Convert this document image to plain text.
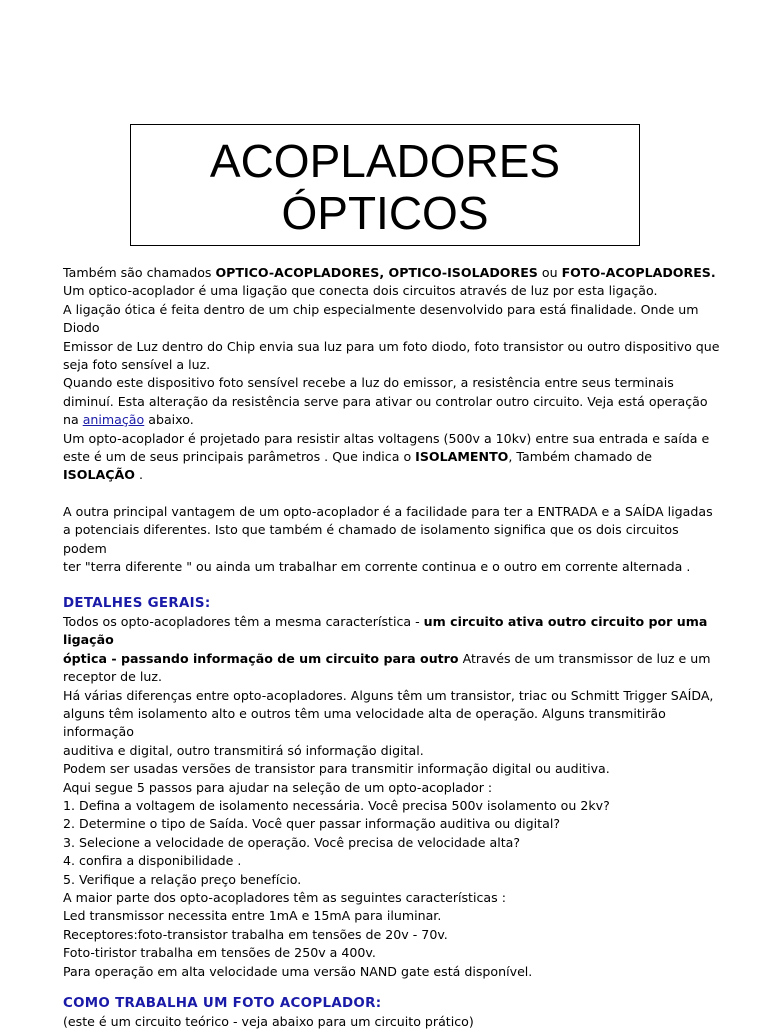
ACOPLADORES
ÓPTICOS

Também são chamados OPTICO-ACOPLADORES, OPTICO-ISOLADORES ou FOTO-ACOPLADORES.

Um optico-acoplador é uma ligação que conecta dois circuitos através de luz por esta ligação.

A ligação ótica é feita dentro de um chip especialmente desenvolvido para está finalidade. Onde um Diodo

Emissor de Luz dentro do Chip envia sua luz para um foto diodo, foto transistor ou outro dispositivo que

seja foto sensível a luz.

Quando este dispositivo foto sensível recebe a luz do emissor, a resistência entre seus terminais

diminuí. Esta alteração da resistência serve para ativar ou controlar outro circuito. Veja está operação

na animação abaixo.

Um opto-acoplador é projetado para resistir altas voltagens (500v a 10kv) entre sua entrada e saída e

este é um de seus principais parâmetros . Que indica o ISOLAMENTO, Também chamado de ISOLAÇÃO .

A outra principal vantagem de um opto-acoplador é a facilidade para ter a ENTRADA e a SAÍDA ligadas

a potenciais diferentes. Isto que também é chamado de isolamento significa que os dois circuitos podem

ter "terra diferente " ou ainda um trabalhar em corrente continua e o outro em corrente alternada .

DETALHES GERAIS:

Todos os opto-acopladores têm a mesma característica - um circuito ativa outro circuito por uma ligação

óptica - passando informação de um circuito para outro Através de um transmissor de luz e um

receptor de luz.

Há várias diferenças entre opto-acopladores. Alguns têm um transistor, triac ou Schmitt Trigger SAÍDA,

alguns têm isolamento alto e outros têm uma velocidade alta de operação. Alguns transmitirão informação

auditiva e digital, outro transmitirá só informação digital.

Podem ser usadas versões de transistor para transmitir informação digital ou auditiva.

Aqui segue 5 passos para ajudar na seleção de um opto-acoplador :

1. Defina a voltagem de isolamento necessária. Você precisa 500v isolamento ou 2kv?

2. Determine o tipo de Saída. Você quer passar informação auditiva ou digital?

3. Selecione a velocidade de operação. Você precisa de velocidade alta?

4. confira a disponibilidade .

5. Verifique a relação preço benefício.

A maior parte dos opto-acopladores têm as seguintes características :

Led transmissor necessita entre 1mA e 15mA para iluminar.

Receptores:foto-transistor trabalha em tensões de 20v - 70v.

Foto-tiristor trabalha em tensões de 250v a 400v.

Para operação em alta velocidade uma versão NAND gate está disponível.

COMO TRABALHA UM FOTO ACOPLADOR:

(este é um circuito teórico - veja abaixo para um circuito prático)
